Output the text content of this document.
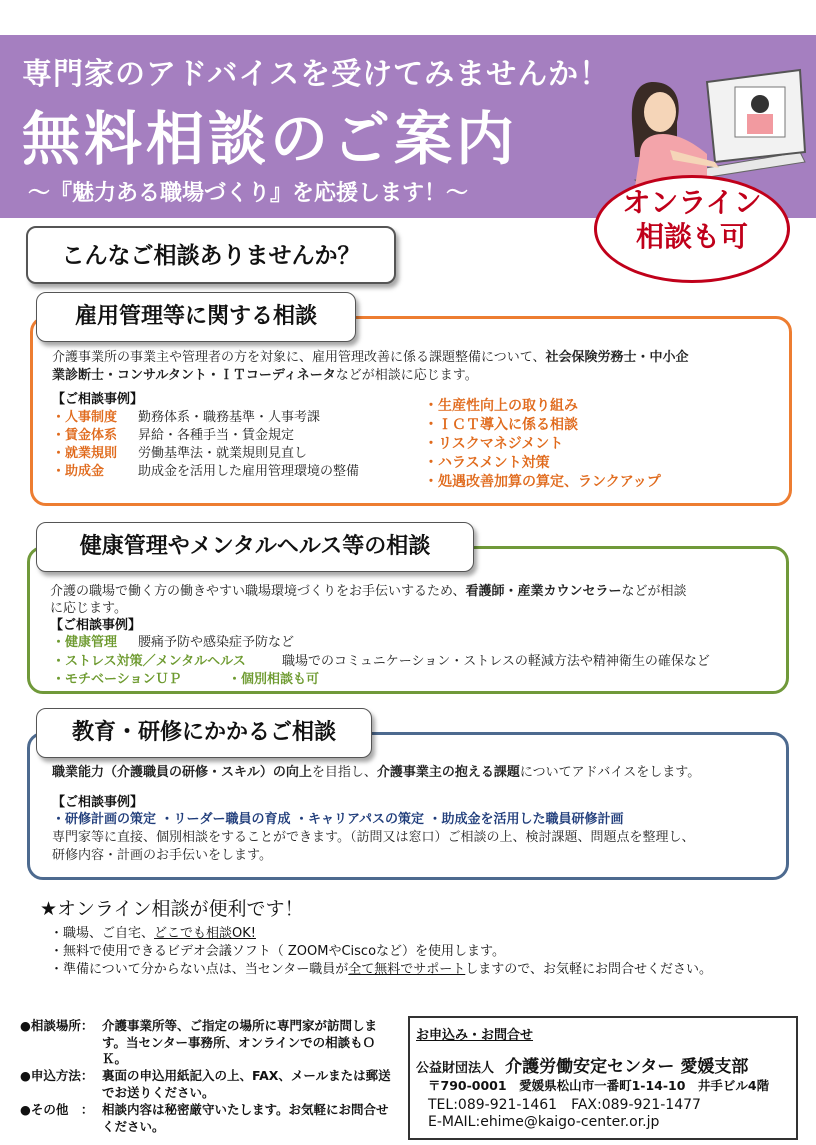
専門家のアドバイスを受けてみませんか！
無料相談のご案内
～『魅力ある職場づくり』を応援します！～	オンライン
相談も可
こんなご相談ありませんか？
雇用管理等に関する相談
介護事業所の事業主や管理者の方を対象に、雇用管理改善に係る課題整備について、社会保険労務士・中小企
業診断士・コンサルタント・ＩＴコーディネータなどが相談に応じます。
【ご相談事例】
・人事制度 勤務体系・職務基準・人事考課
・賃金体系 昇給・各種手当・賃金規定
・就業規則 労働基準法・就業規則見直し
・助成金	助成金を活用した雇用管理環境の整備
・生産性向上の取り組み
・ＩＣＴ導入に係る相談
・リスクマネジメント
・ハラスメント対策
・処遇改善加算の算定、ランクアップ
健康管理やメンタルヘルス等の相談
介護の職場で働く方の働きやすい職場環境づくりをお手伝いするため、看護師・産業カウンセラーなどが相談
に応じます。
【ご相談事例】
・健康管理 腰痛予防や感染症予防など
・ストレス対策／メンタルヘルス	職場でのコミュニケーション・ストレスの軽減方法や精神衛生の確保など
・モチベーションＵＰ	・個別相談も可
教育・研修にかかるご相談
職業能力（介護職員の研修・スキル）の向上を目指し、介護事業主の抱える課題についてアドバイスをします。
【ご相談事例】
・研修計画の策定 ・リーダー職員の育成 ・キャリアパスの策定 ・助成金を活用した職員研修計画
専門家等に直接、個別相談をすることができます。（訪問又は窓口）ご相談の上、検討課題、問題点を整理し、
研修内容・計画のお手伝いをします。
★オンライン相談が便利です！
・職場、ご自宅、どこでも相談OK!
・無料で使用できるビデオ会議ソフト（ ZOOMやCiscoなど）を使用します。
・準備について分からない点は、当センター職員が全て無料でサポートしますので、お気軽にお問合せください。
●相談場所： 介護事業所等、ご指定の場所に専門家が訪問します。当センター事務所、オンラインでの相談もＯＫ。
●申込方法： 裏面の申込用紙記入の上、FAX、メールまたは郵送でお送りください。
●その他　： 相談内容は秘密厳守いたします。お気軽にお問合せください。
お申込み・お問合せ
公益財団法人 介護労働安定センター 愛媛支部
〒790-0001　愛媛県松山市一番町1-14-10　井手ビル4階
TEL:089-921-1461　FAX:089-921-1477
E-MAIL:ehime@kaigo-center.or.jp
